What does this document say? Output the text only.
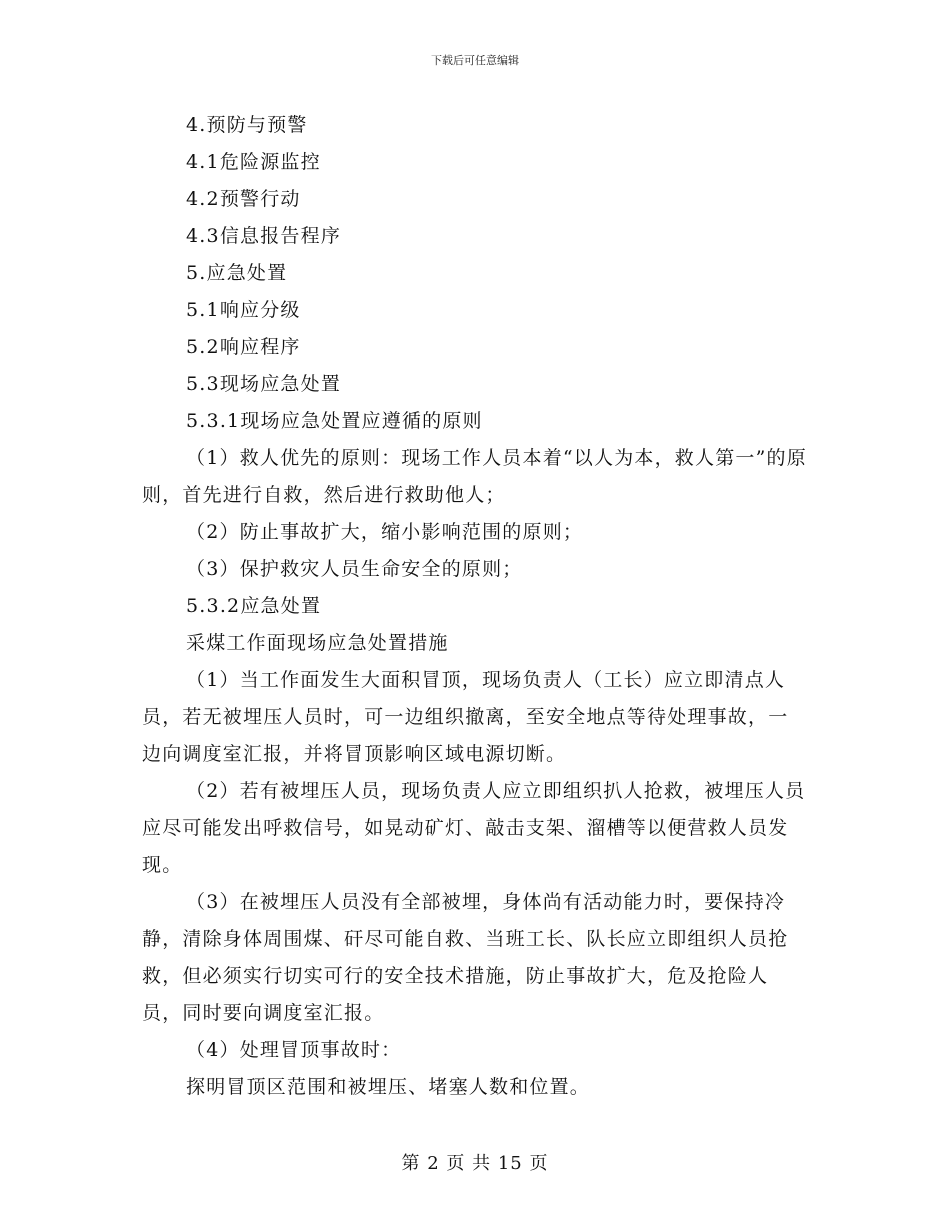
下载后可任意编辑

4.预防与预警

4.1危险源监控

4.2预警行动

4.3信息报告程序

5.应急处置

5.1响应分级

5.2响应程序

5.3现场应急处置

5.3.1现场应急处置应遵循的原则

（1）救人优先的原则：现场工作人员本着“以人为本，救人第一”的原则，首先进行自救，然后进行救助他人；

（2）防止事故扩大，缩小影响范围的原则；

（3）保护救灾人员生命安全的原则；

5.3.2应急处置

采煤工作面现场应急处置措施

（1）当工作面发生大面积冒顶，现场负责人（工长）应立即清点人员，若无被埋压人员时，可一边组织撤离，至安全地点等待处理事故，一边向调度室汇报，并将冒顶影响区域电源切断。

（2）若有被埋压人员，现场负责人应立即组织扒人抢救，被埋压人员应尽可能发出呼救信号，如晃动矿灯、敲击支架、溜槽等以便营救人员发现。

（3）在被埋压人员没有全部被埋，身体尚有活动能力时，要保持冷静，清除身体周围煤、矸尽可能自救、当班工长、队长应立即组织人员抢救，但必须实行切实可行的安全技术措施，防止事故扩大，危及抢险人员，同时要向调度室汇报。

（4）处理冒顶事故时：

探明冒顶区范围和被埋压、堵塞人数和位置。

第 2 页 共 15 页
